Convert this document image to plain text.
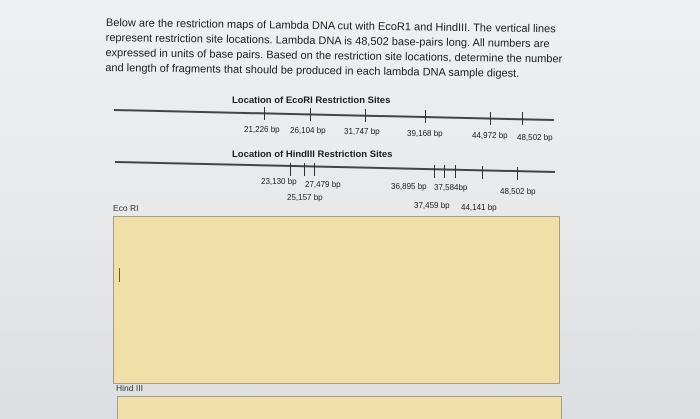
Below are the restriction maps of Lambda DNA cut with EcoR1 and HindIII. The vertical lines represent restriction site locations. Lambda DNA is 48,502 base-pairs long. All numbers are expressed in units of base pairs. Based on the restriction site locations, determine the number and length of fragments that should be produced in each lambda DNA sample digest.

Location of EcoRI Restriction Sites
21,226 bp 26,104 bp 31,747 bp	39,168 bp	44,972 bp 48,502 bp
Location of HindIII Restriction Sites
23,130 bp 27,479 bp
25,157 bp
36,895 bp 37,584bp	48,502 bp
37,459 bp 44,141 bp
Eco RI
Hind III
